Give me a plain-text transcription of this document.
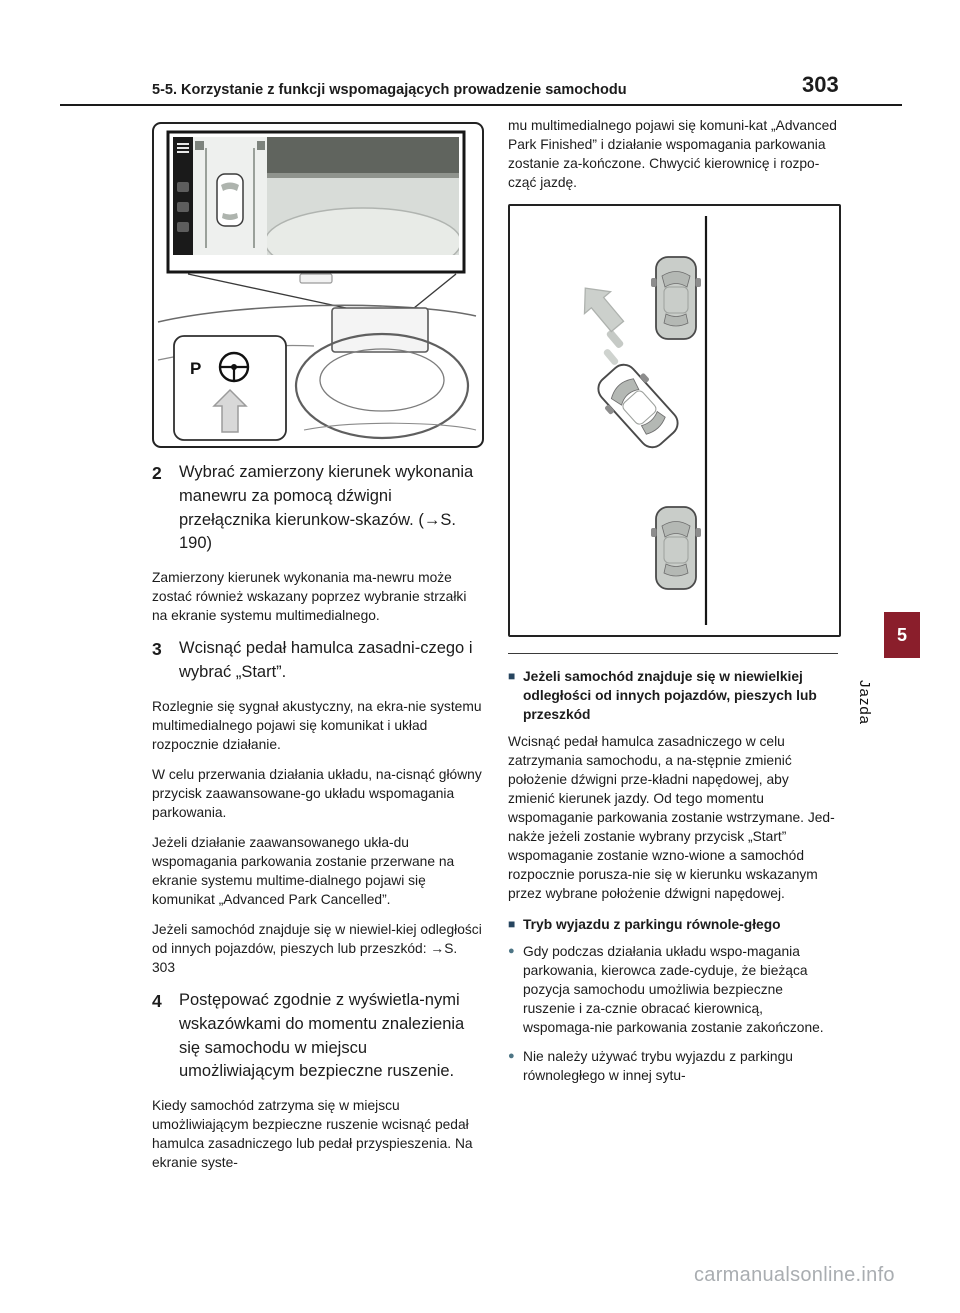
5-5. Korzystanie z funkcji wspomagających prowadzenie samochodu	303
P
2	Wybrać zamierzony kierunek wykonania manewru za pomocą dźwigni przełącznika kierunkow-skazów. (→S. 190)

Zamierzony kierunek wykonania ma-newru może zostać również wskazany poprzez wybranie strzałki na ekranie systemu multimedialnego.

3	Wcisnąć pedał hamulca zasadni-czego i wybrać „Start”.

Rozlegnie się sygnał akustyczny, na ekra-nie systemu multimedialnego pojawi się komunikat i układ rozpocznie działanie.

W celu przerwania działania układu, na-cisnąć główny przycisk zaawansowane-go układu wspomagania parkowania.

Jeżeli działanie zaawansowanego ukła-du wspomagania parkowania zostanie przerwane na ekranie systemu multime-dialnego pojawi się komunikat „Advanced Park Cancelled”.

Jeżeli samochód znajduje się w niewiel-kiej odległości od innych pojazdów, pieszych lub przeszkód: →S. 303

4	Postępować zgodnie z wyświetla-nymi wskazówkami do momentu znalezienia się samochodu w miejscu umożliwiającym bezpieczne ruszenie.

Kiedy samochód zatrzyma się w miejscu umożliwiającym bezpieczne ruszenie wcisnąć pedał hamulca zasadniczego lub pedał przyspieszenia. Na ekranie syste-

mu multimedialnego pojawi się komuni-kat „Advanced Park Finished” i działanie wspomagania parkowania zostanie za-kończone. Chwycić kierownicę i rozpo-cząć jazdę.

■ Jeżeli samochód znajduje się w niewielkiej odległości od innych pojazdów, pieszych lub przeszkód

Wcisnąć pedał hamulca zasadniczego w celu zatrzymania samochodu, a na-stępnie zmienić położenie dźwigni prze-kładni napędowej, aby zmienić kierunek jazdy. Od tego momentu wspomaganie parkowania zostanie wstrzymane. Jed-nakże jeżeli zostanie wybrany przycisk „Start” wspomaganie zostanie wzno-wione a samochód rozpocznie porusza-nie się w kierunku wskazanym przez wybrane położenie dźwigni napędowej.

■ Tryb wyjazdu z parkingu równole-głego
● Gdy podczas działania układu wspo-magania parkowania, kierowca zade-cyduje, że bieżąca pozycja samochodu umożliwia bezpieczne ruszenie i za-cznie obracać kierownicą, wspomaga-nie parkowania zostanie zakończone.
● Nie należy używać trybu wyjazdu z parkingu równoległego w innej sytu-
5
Jazda
carmanualsonline.info
